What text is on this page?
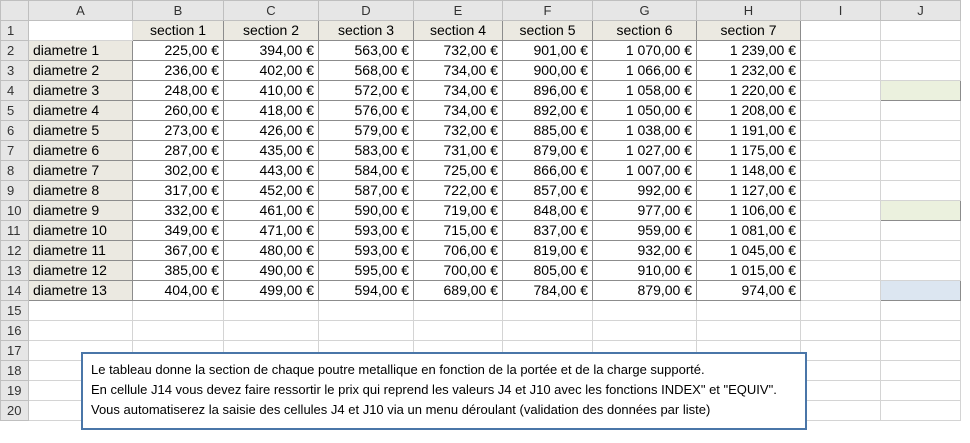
	A	B	C	D	E	F	G	H	I	J
1		section 1	section 2	section 3	section 4	section 5	section 6	section 7		
2	diametre 1	225,00 €	394,00 €	563,00 €	732,00 €	901,00 €	1 070,00 €	1 239,00 €		
3	diametre 2	236,00 €	402,00 €	568,00 €	734,00 €	900,00 €	1 066,00 €	1 232,00 €		
4	diametre 3	248,00 €	410,00 €	572,00 €	734,00 €	896,00 €	1 058,00 €	1 220,00 €		
5	diametre 4	260,00 €	418,00 €	576,00 €	734,00 €	892,00 €	1 050,00 €	1 208,00 €		
6	diametre 5	273,00 €	426,00 €	579,00 €	732,00 €	885,00 €	1 038,00 €	1 191,00 €		
7	diametre 6	287,00 €	435,00 €	583,00 €	731,00 €	879,00 €	1 027,00 €	1 175,00 €		
8	diametre 7	302,00 €	443,00 €	584,00 €	725,00 €	866,00 €	1 007,00 €	1 148,00 €		
9	diametre 8	317,00 €	452,00 €	587,00 €	722,00 €	857,00 €	992,00 €	1 127,00 €		
10	diametre 9	332,00 €	461,00 €	590,00 €	719,00 €	848,00 €	977,00 €	1 106,00 €		
11	diametre 10	349,00 €	471,00 €	593,00 €	715,00 €	837,00 €	959,00 €	1 081,00 €		
12	diametre 11	367,00 €	480,00 €	593,00 €	706,00 €	819,00 €	932,00 €	1 045,00 €		
13	diametre 12	385,00 €	490,00 €	595,00 €	700,00 €	805,00 €	910,00 €	1 015,00 €		
14	diametre 13	404,00 €	499,00 €	594,00 €	689,00 €	784,00 €	879,00 €	974,00 €		
15										
16										
17										
18										
19										
20										
Le tableau donne la section de chaque poutre metallique en fonction de la portée et de la charge supporté.
En cellule J14 vous devez faire ressortir le prix qui reprend les valeurs J4 et J10 avec les fonctions INDEX" et "EQUIV".
Vous automatiserez la saisie des cellules J4 et J10 via un menu déroulant (validation des données par liste)
